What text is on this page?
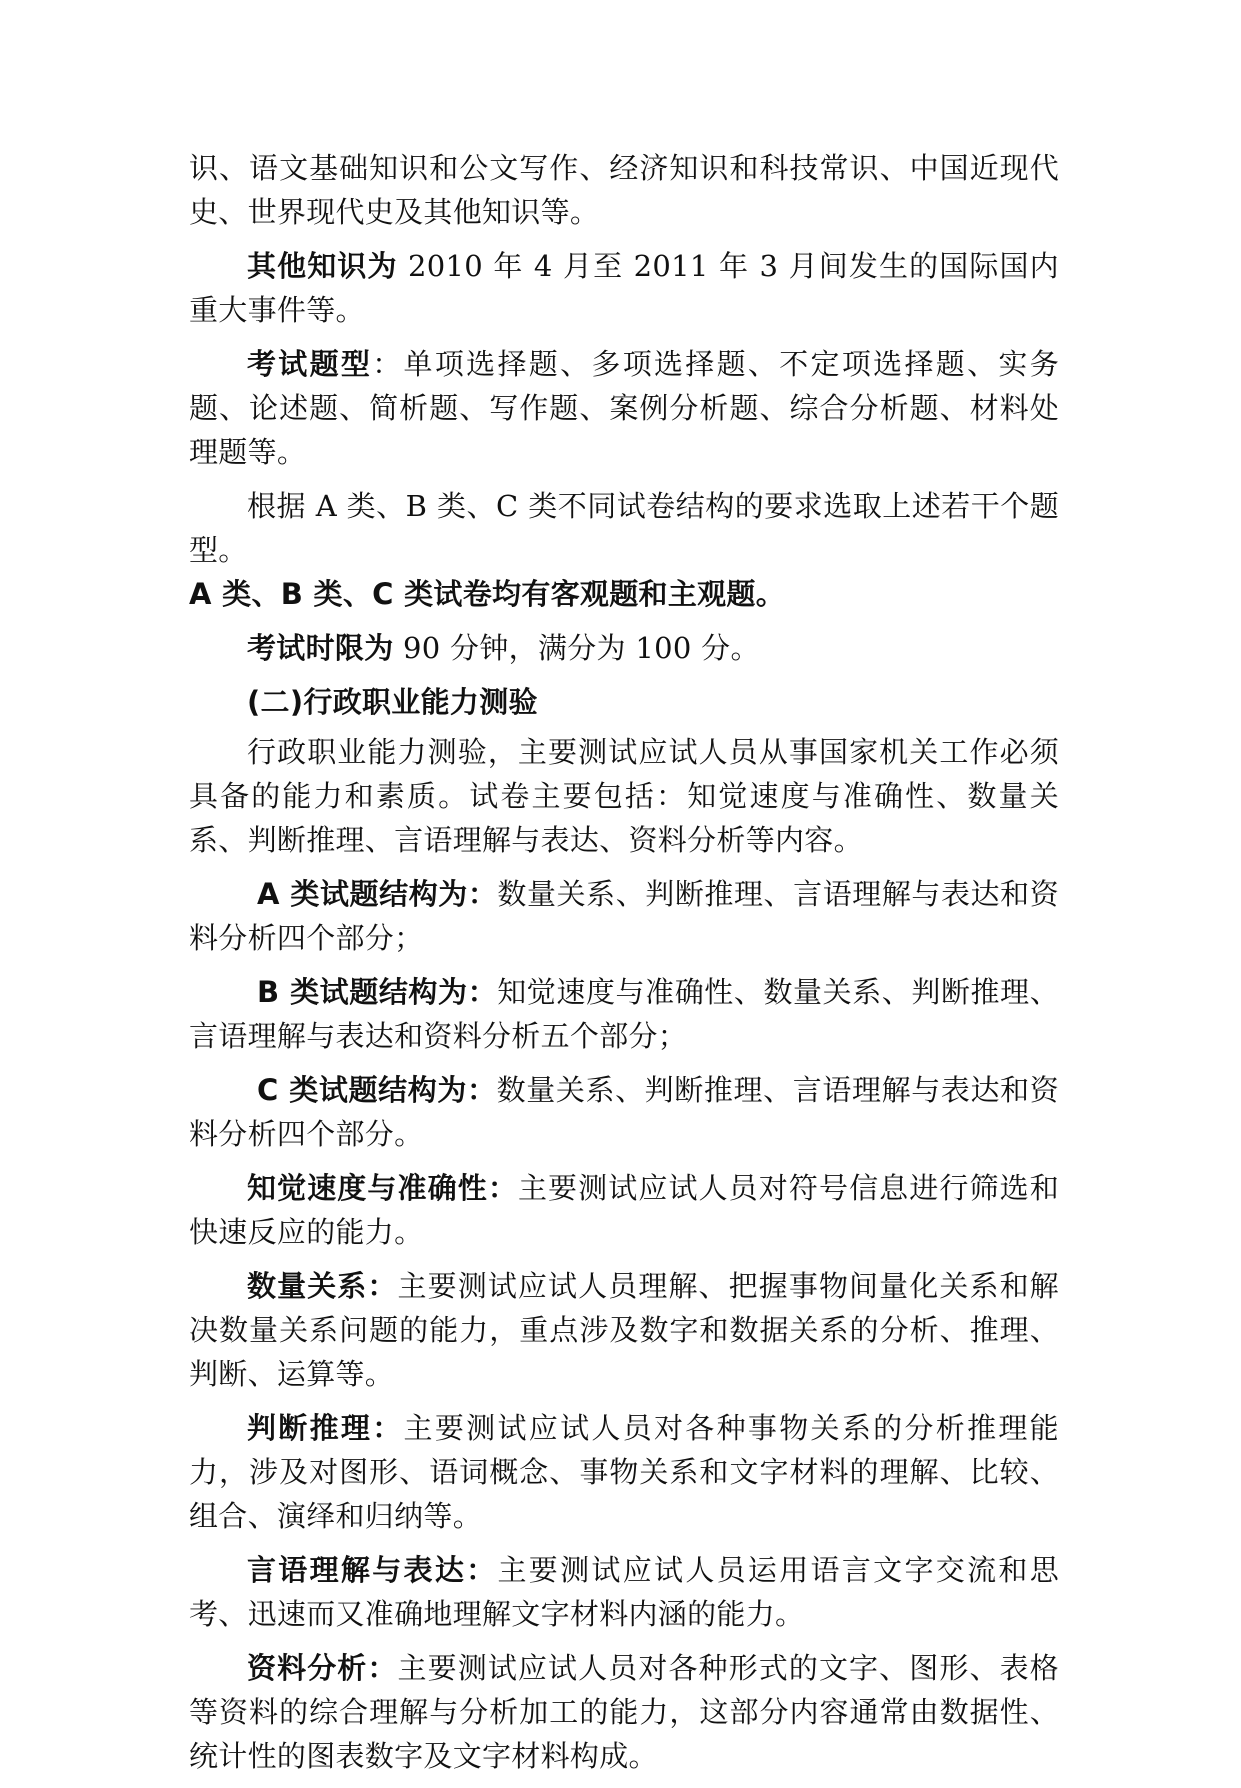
识、语文基础知识和公文写作、经济知识和科技常识、中国近现代史、世界现代史及其他知识等。

其他知识为 2010 年 4 月至 2011 年 3 月间发生的国际国内重大事件等。

考试题型：单项选择题、多项选择题、不定项选择题、实务题、论述题、简析题、写作题、案例分析题、综合分析题、材料处理题等。

根据 A 类、B 类、C 类不同试卷结构的要求选取上述若干个题型。

A 类、B 类、C 类试卷均有客观题和主观题。

考试时限为 90 分钟，满分为 100 分。

(二)行政职业能力测验

行政职业能力测验，主要测试应试人员从事国家机关工作必须具备的能力和素质。试卷主要包括：知觉速度与准确性、数量关系、判断推理、言语理解与表达、资料分析等内容。

A 类试题结构为：数量关系、判断推理、言语理解与表达和资料分析四个部分；

B 类试题结构为：知觉速度与准确性、数量关系、判断推理、言语理解与表达和资料分析五个部分；

C 类试题结构为：数量关系、判断推理、言语理解与表达和资料分析四个部分。

知觉速度与准确性：主要测试应试人员对符号信息进行筛选和快速反应的能力。

数量关系：主要测试应试人员理解、把握事物间量化关系和解决数量关系问题的能力，重点涉及数字和数据关系的分析、推理、判断、运算等。

判断推理：主要测试应试人员对各种事物关系的分析推理能力，涉及对图形、语词概念、事物关系和文字材料的理解、比较、组合、演绎和归纳等。

言语理解与表达：主要测试应试人员运用语言文字交流和思考、迅速而又准确地理解文字材料内涵的能力。

资料分析：主要测试应试人员对各种形式的文字、图形、表格等资料的综合理解与分析加工的能力，这部分内容通常由数据性、统计性的图表数字及文字材料构成。
